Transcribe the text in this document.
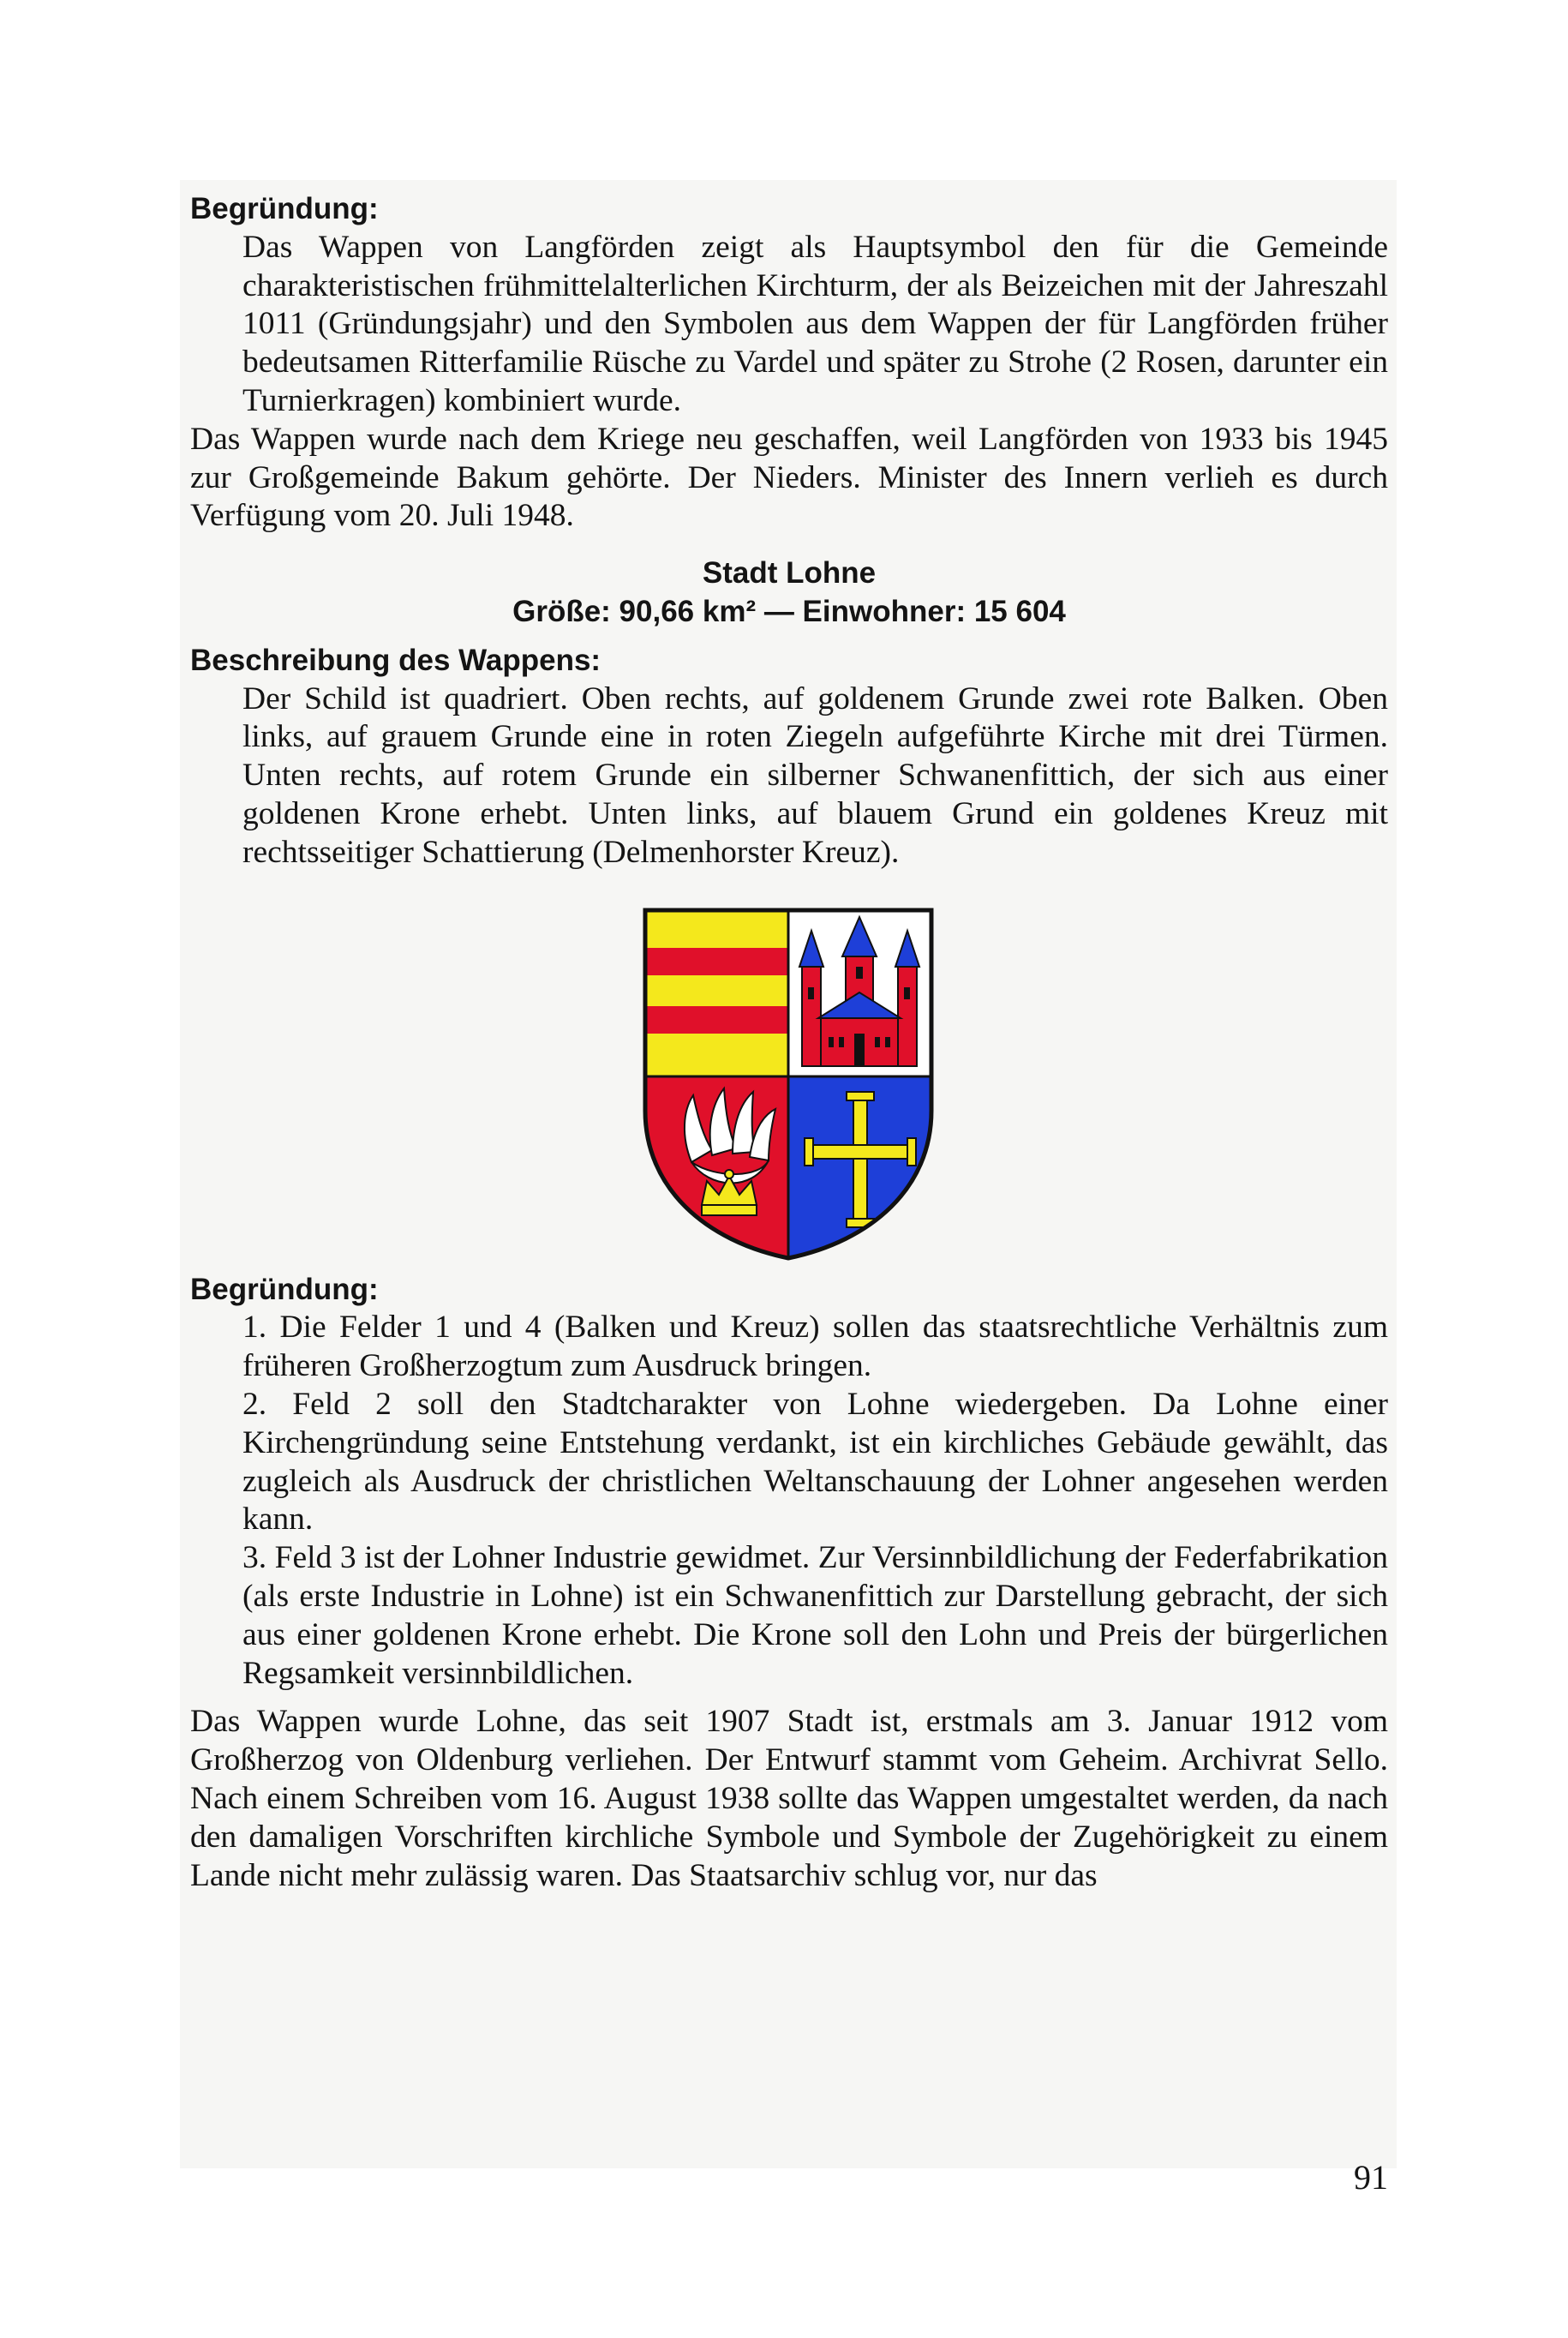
Begründung:

Das Wappen von Langförden zeigt als Hauptsymbol den für die Gemeinde charakteristischen frühmittelalterlichen Kirchturm, der als Beizeichen mit der Jahreszahl 1011 (Gründungsjahr) und den Symbolen aus dem Wappen der für Langförden früher bedeutsamen Ritterfamilie Rüsche zu Vardel und später zu Strohe (2 Rosen, darunter ein Turnierkragen) kombiniert wurde.

Das Wappen wurde nach dem Kriege neu geschaffen, weil Langförden von 1933 bis 1945 zur Großgemeinde Bakum gehörte. Der Nieders. Minister des Innern verlieh es durch Verfügung vom 20. Juli 1948.

Stadt Lohne

Größe: 90,66 km² — Einwohner: 15 604

Beschreibung des Wappens:

Der Schild ist quadriert. Oben rechts, auf goldenem Grunde zwei rote Balken. Oben links, auf grauem Grunde eine in roten Ziegeln aufgeführte Kirche mit drei Türmen. Unten rechts, auf rotem Grunde ein silberner Schwanenfittich, der sich aus einer goldenen Krone erhebt. Unten links, auf blauem Grund ein goldenes Kreuz mit rechtsseitiger Schattierung (Delmenhorster Kreuz).

Begründung:

1. Die Felder 1 und 4 (Balken und Kreuz) sollen das staatsrechtliche Verhältnis zum früheren Großherzogtum zum Ausdruck bringen.

2. Feld 2 soll den Stadtcharakter von Lohne wiedergeben. Da Lohne einer Kirchengründung seine Entstehung verdankt, ist ein kirchliches Gebäude gewählt, das zugleich als Ausdruck der christlichen Weltanschauung der Lohner angesehen werden kann.

3. Feld 3 ist der Lohner Industrie gewidmet. Zur Versinnbildlichung der Federfabrikation (als erste Industrie in Lohne) ist ein Schwanenfittich zur Darstellung gebracht, der sich aus einer goldenen Krone erhebt. Die Krone soll den Lohn und Preis der bürgerlichen Regsamkeit versinnbildlichen.

Das Wappen wurde Lohne, das seit 1907 Stadt ist, erstmals am 3. Januar 1912 vom Großherzog von Oldenburg verliehen. Der Entwurf stammt vom Geheim. Archivrat Sello. Nach einem Schreiben vom 16. August 1938 sollte das Wappen umgestaltet werden, da nach den damaligen Vorschriften kirchliche Symbole und Symbole der Zugehörigkeit zu einem Lande nicht mehr zulässig waren. Das Staatsarchiv schlug vor, nur das

91
